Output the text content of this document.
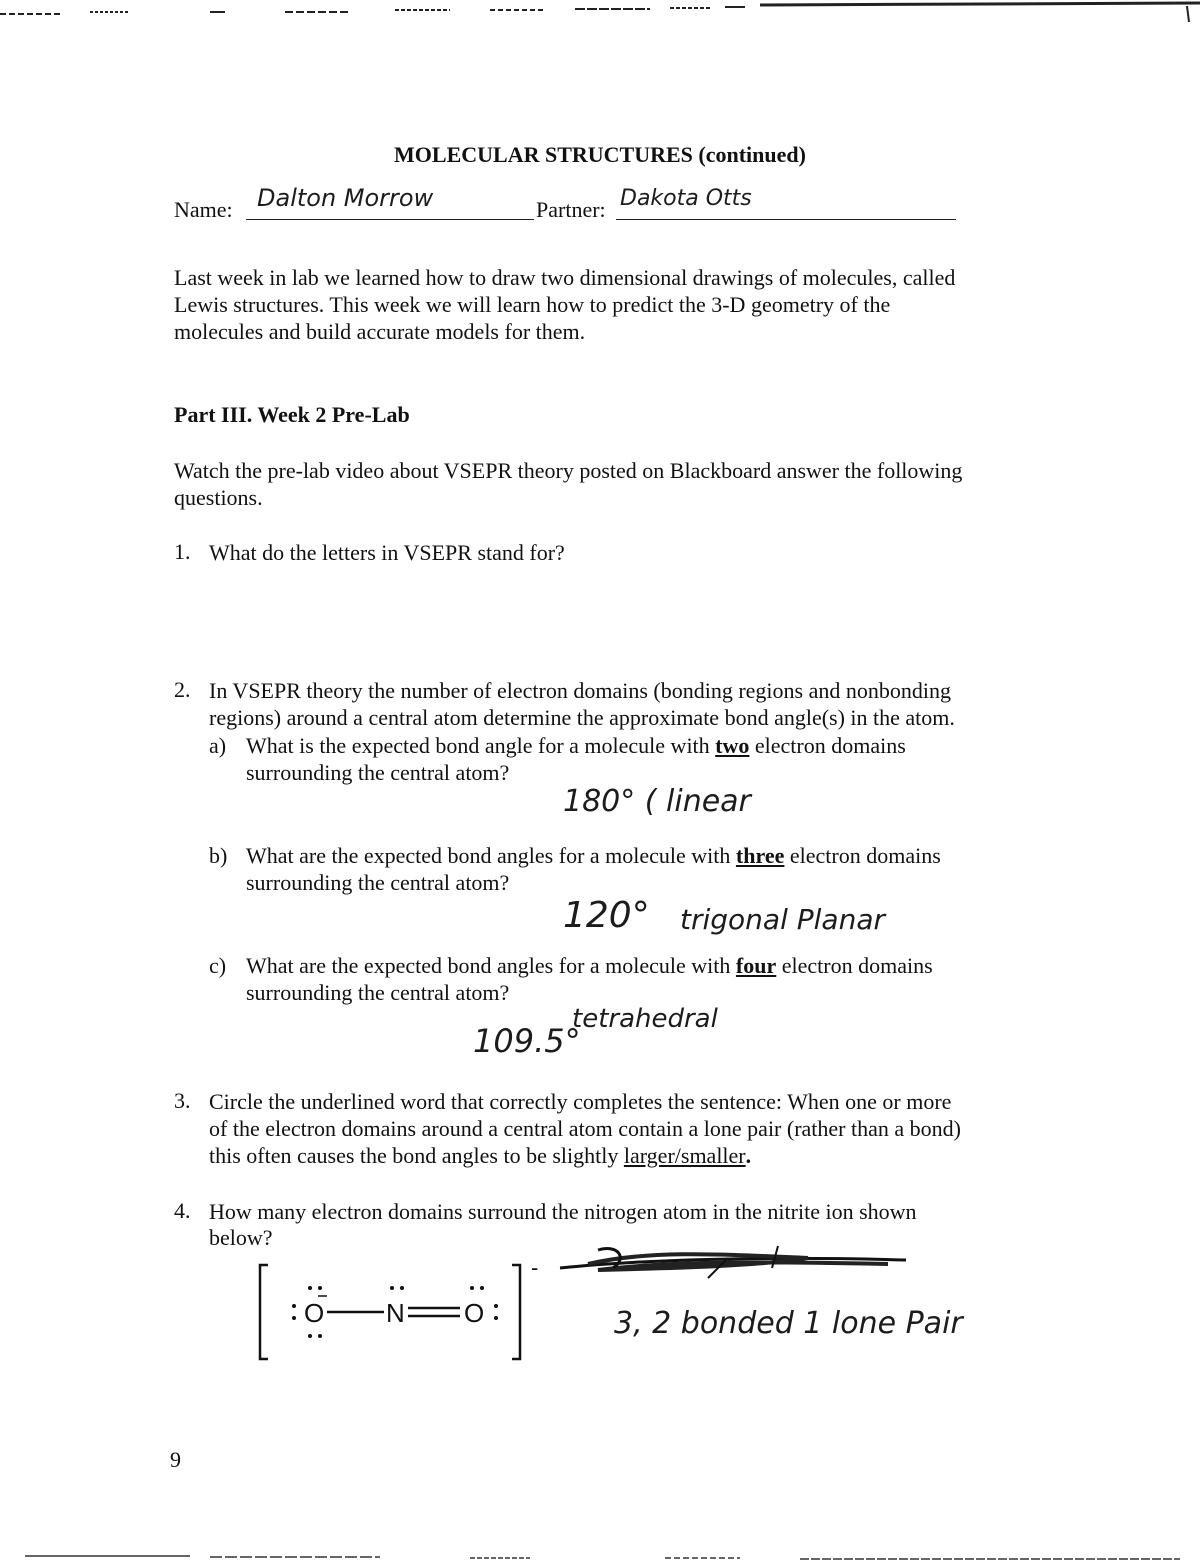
MOLECULAR STRUCTURES (continued)
Name: Dalton Morrow	Partner: Dakota Otts
Last week in lab we learned how to draw two dimensional drawings of molecules, called
Lewis structures. This week we will learn how to predict the 3-D geometry of the
molecules and build accurate models for them.
Part III. Week 2 Pre-Lab
Watch the pre-lab video about VSEPR theory posted on Blackboard answer the following
questions.
1. What do the letters in VSEPR stand for?
2. In VSEPR theory the number of electron domains (bonding regions and nonbonding
regions) around a central atom determine the approximate bond angle(s) in the atom.
a) What is the expected bond angle for a molecule with two electron domains
surrounding the central atom?
180° ( linear
b) What are the expected bond angles for a molecule with three electron domains
surrounding the central atom?
120° trigonal Planar
c) What are the expected bond angles for a molecule with four electron domains
surrounding the central atom?
109.5°
tetrahedral
3. Circle the underlined word that correctly completes the sentence: When one or more
of the electron domains around a central atom contain a lone pair (rather than a bond)
this often causes the bond angles to be slightly larger/smaller.
4. How many electron domains surround the nitrogen atom in the nitrite ion shown
below?
-
O N O	3, 2 bonded 1 lone Pair
9
